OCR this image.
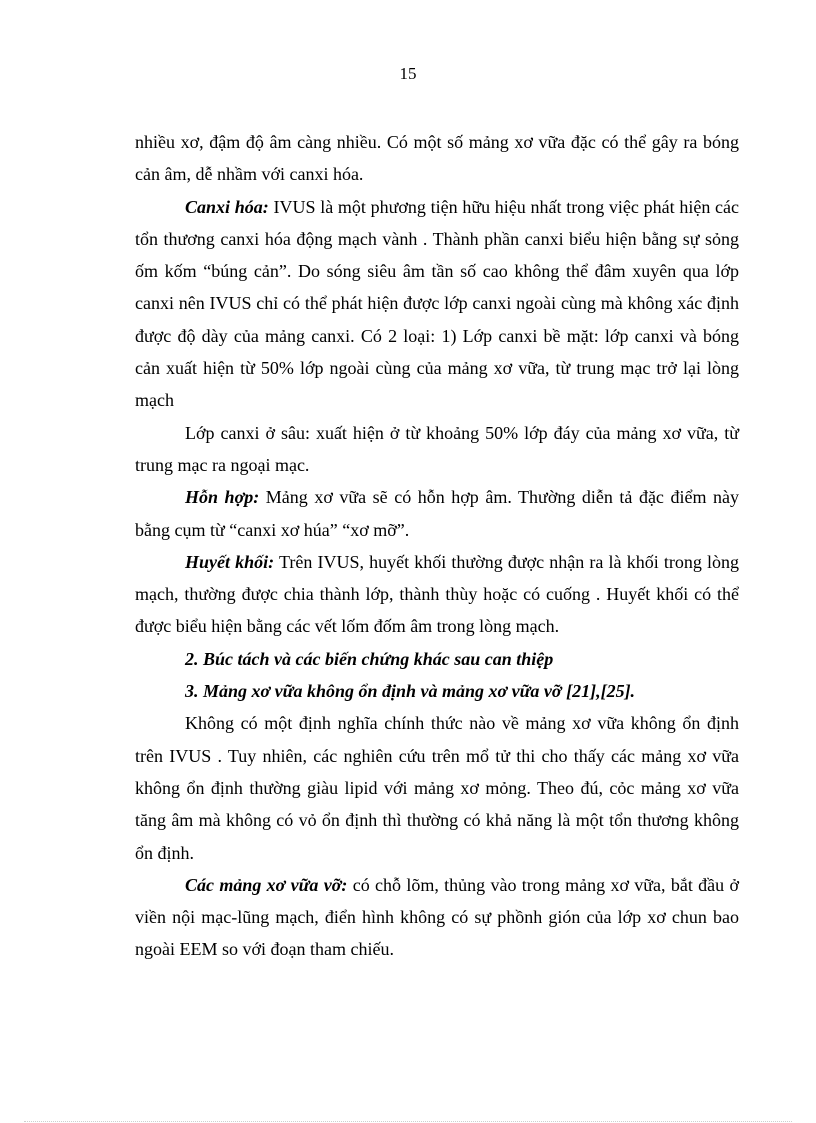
15

nhiều xơ, đậm độ âm càng nhiều. Có một số mảng xơ vữa đặc có thể gây ra bóng cản âm, dễ nhầm với canxi hóa.

Canxi hóa: IVUS là một phương tiện hữu hiệu nhất trong việc phát hiện các tổn thương canxi hóa động mạch vành . Thành phần canxi biểu hiện bằng sự sỏng ốm kốm “búng cản”. Do sóng siêu âm tần số cao không thể đâm xuyên qua lớp canxi nên IVUS chỉ có thể phát hiện được lớp canxi ngoài cùng mà không xác định được độ dày của mảng canxi. Có 2 loại: 1) Lớp canxi bề mặt: lớp canxi và bóng cản xuất hiện từ 50% lớp ngoài cùng của mảng xơ vữa, từ trung mạc trở lại lòng mạch

Lớp canxi ở sâu: xuất hiện ở từ khoảng 50% lớp đáy của mảng xơ vữa, từ trung mạc ra ngoại mạc.

Hỗn hợp: Mảng xơ vữa sẽ có hỗn hợp âm. Thường diễn tả đặc điểm này bằng cụm từ “canxi xơ húa” “xơ mỡ”.

Huyết khối: Trên IVUS, huyết khối thường được nhận ra là khối trong lòng mạch, thường được chia thành lớp, thành thùy hoặc có cuống . Huyết khối có thể được biểu hiện bằng các vết lốm đốm âm trong lòng mạch.

2. Búc tách và các biến chứng khác sau can thiệp

3. Mảng xơ vữa không ổn định và mảng xơ vữa vỡ [21],[25].

Không có một định nghĩa chính thức nào về mảng xơ vữa không ổn định trên IVUS . Tuy nhiên, các nghiên cứu trên mổ tử thi cho thấy các mảng xơ vữa không ổn định thường giàu lipid với mảng xơ mỏng. Theo đú, cỏc mảng xơ vữa tăng âm mà không có vỏ ổn định thì thường có khả năng là một tổn thương không ổn định.

Các mảng xơ vữa vỡ: có chỗ lõm, thủng vào trong mảng xơ vữa, bắt đầu ở viền nội mạc-lũng mạch, điển hình không có sự phồnh gión của lớp xơ chun bao ngoài EEM so với đoạn tham chiếu.
